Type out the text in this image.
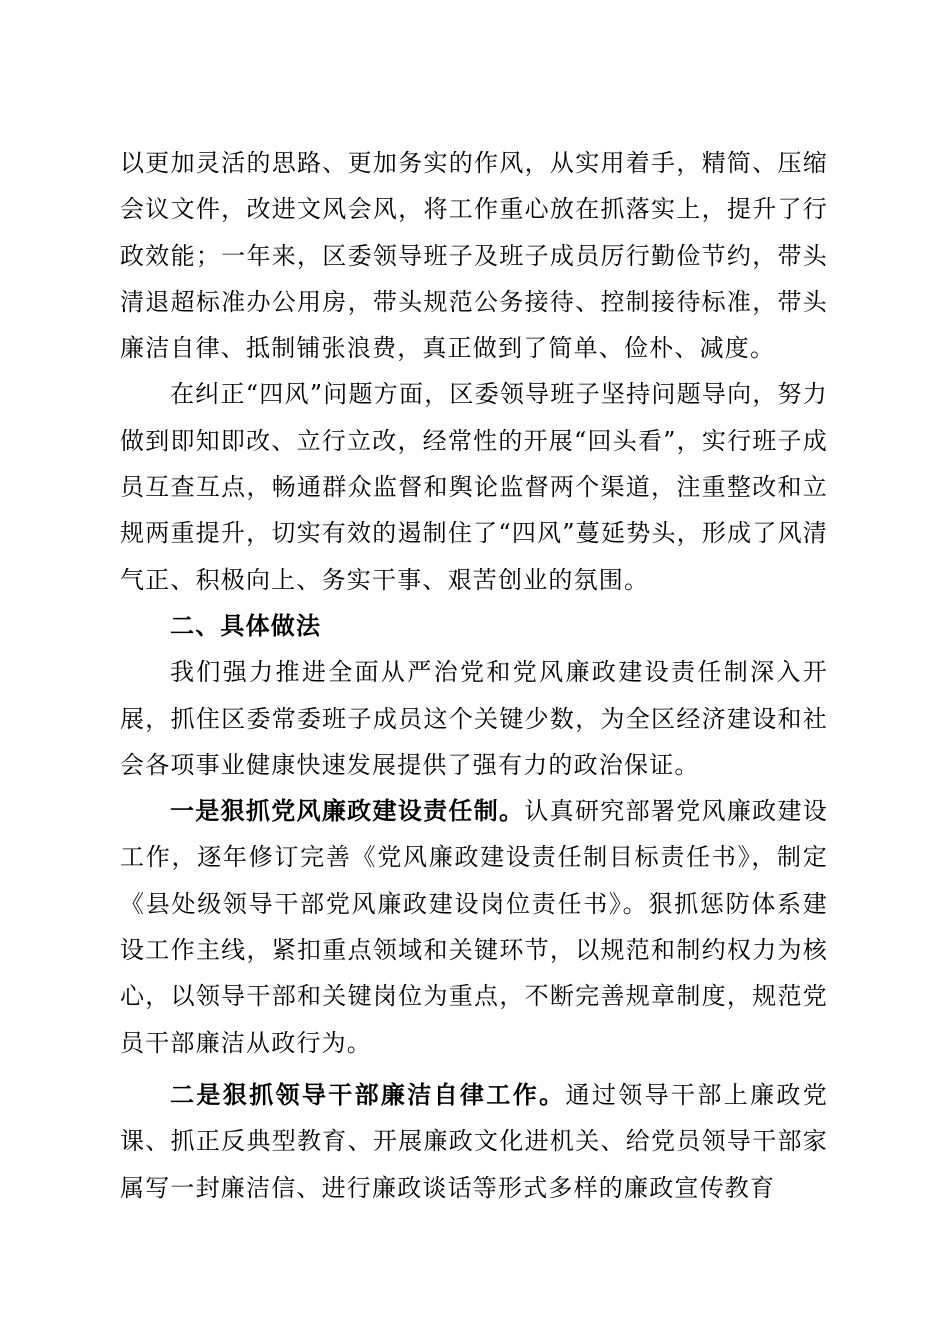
以更加灵活的思路、更加务实的作风，从实用着手，精简、压缩会议文件，改进文风会风，将工作重心放在抓落实上，提升了行政效能；一年来，区委领导班子及班子成员厉行勤俭节约，带头清退超标准办公用房，带头规范公务接待、控制接待标准，带头廉洁自律、抵制铺张浪费，真正做到了简单、俭朴、减度。

在纠正“四风”问题方面，区委领导班子坚持问题导向，努力做到即知即改、立行立改，经常性的开展“回头看”，实行班子成员互查互点，畅通群众监督和舆论监督两个渠道，注重整改和立规两重提升，切实有效的遏制住了“四风”蔓延势头，形成了风清气正、积极向上、务实干事、艰苦创业的氛围。

二、具体做法

我们强力推进全面从严治党和党风廉政建设责任制深入开展，抓住区委常委班子成员这个关键少数，为全区经济建设和社会各项事业健康快速发展提供了强有力的政治保证。

一是狠抓党风廉政建设责任制。认真研究部署党风廉政建设工作，逐年修订完善《党风廉政建设责任制目标责任书》，制定《县处级领导干部党风廉政建设岗位责任书》。狠抓惩防体系建设工作主线，紧扣重点领域和关键环节，以规范和制约权力为核心，以领导干部和关键岗位为重点，不断完善规章制度，规范党员干部廉洁从政行为。

二是狠抓领导干部廉洁自律工作。通过领导干部上廉政党课、抓正反典型教育、开展廉政文化进机关、给党员领导干部家属写一封廉洁信、进行廉政谈话等形式多样的廉政宣传教育
